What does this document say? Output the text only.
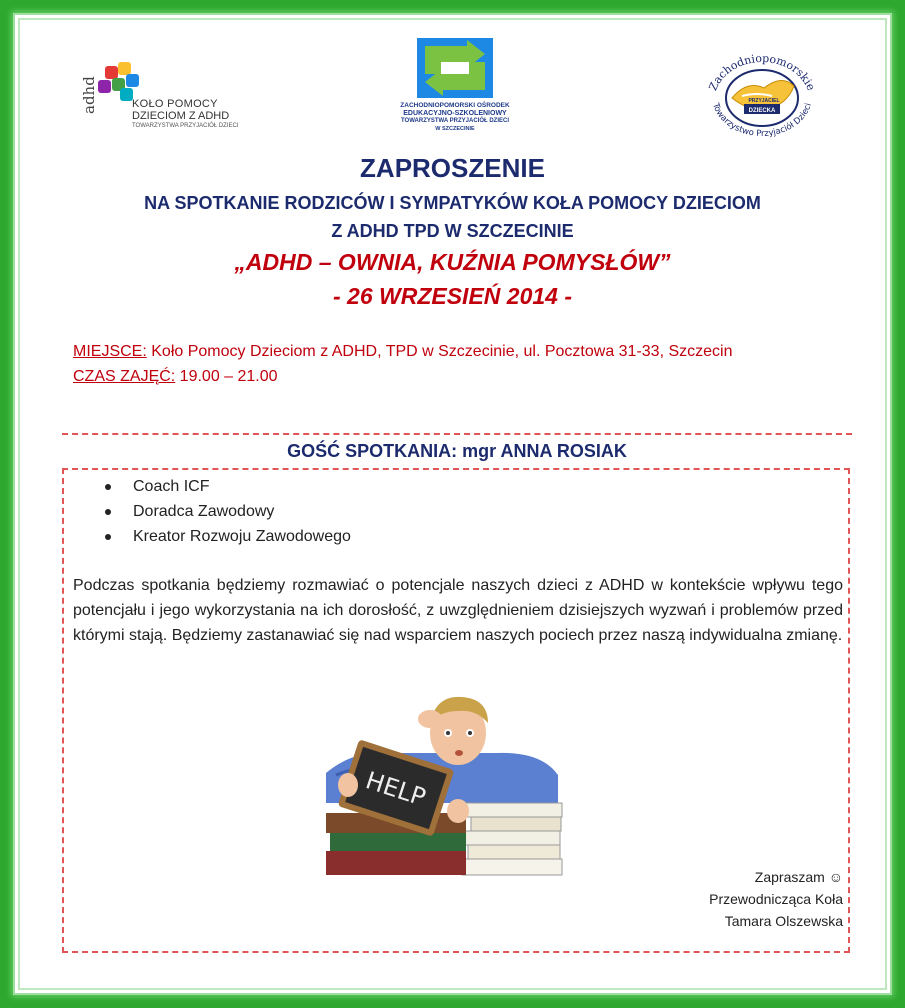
adhd	KOŁO POMOCY
DZIECIOM Z ADHD
TOWARZYSTWA PRZYJACIÓŁ DZIECI
ZACHODNIOPOMORSKI OŚRODEK
EDUKACYJNO-SZKOLENIOWY
TOWARZYSTWA PRZYJACIÓŁ DZIECI
W SZCZECINIE
Zachodniopomorskie
Towarzystwo Przyjaciół Dzieci
PRZYJACIEL
DZIECKA
ZAPROSZENIE
NA SPOTKANIE RODZICÓW I SYMPATYKÓW KOŁA POMOCY DZIECIOM
Z ADHD TPD W SZCZECINIE
„ADHD – OWNIA, KUŹNIA POMYSŁÓW”
- 26 WRZESIEŃ 2014 -
MIEJSCE: Koło Pomocy Dzieciom z ADHD, TPD w Szczecinie, ul. Pocztowa 31-33, Szczecin
CZAS ZAJĘĆ: 19.00 – 21.00
GOŚĆ SPOTKANIA: mgr ANNA ROSIAK
Coach ICF
Doradca Zawodowy
Kreator Rozwoju Zawodowego
Podczas spotkania będziemy rozmawiać o potencjale naszych dzieci z ADHD w kontekście wpływu tego potencjału i jego wykorzystania na ich dorosłość, z uwzględnieniem dzisiejszych wyzwań i problemów przed którymi stają. Będziemy zastanawiać się nad wsparciem naszych pociech przez naszą indywidualna zmianę.
HELP
Zapraszam ☺
Przewodnicząca Koła
Tamara Olszewska
